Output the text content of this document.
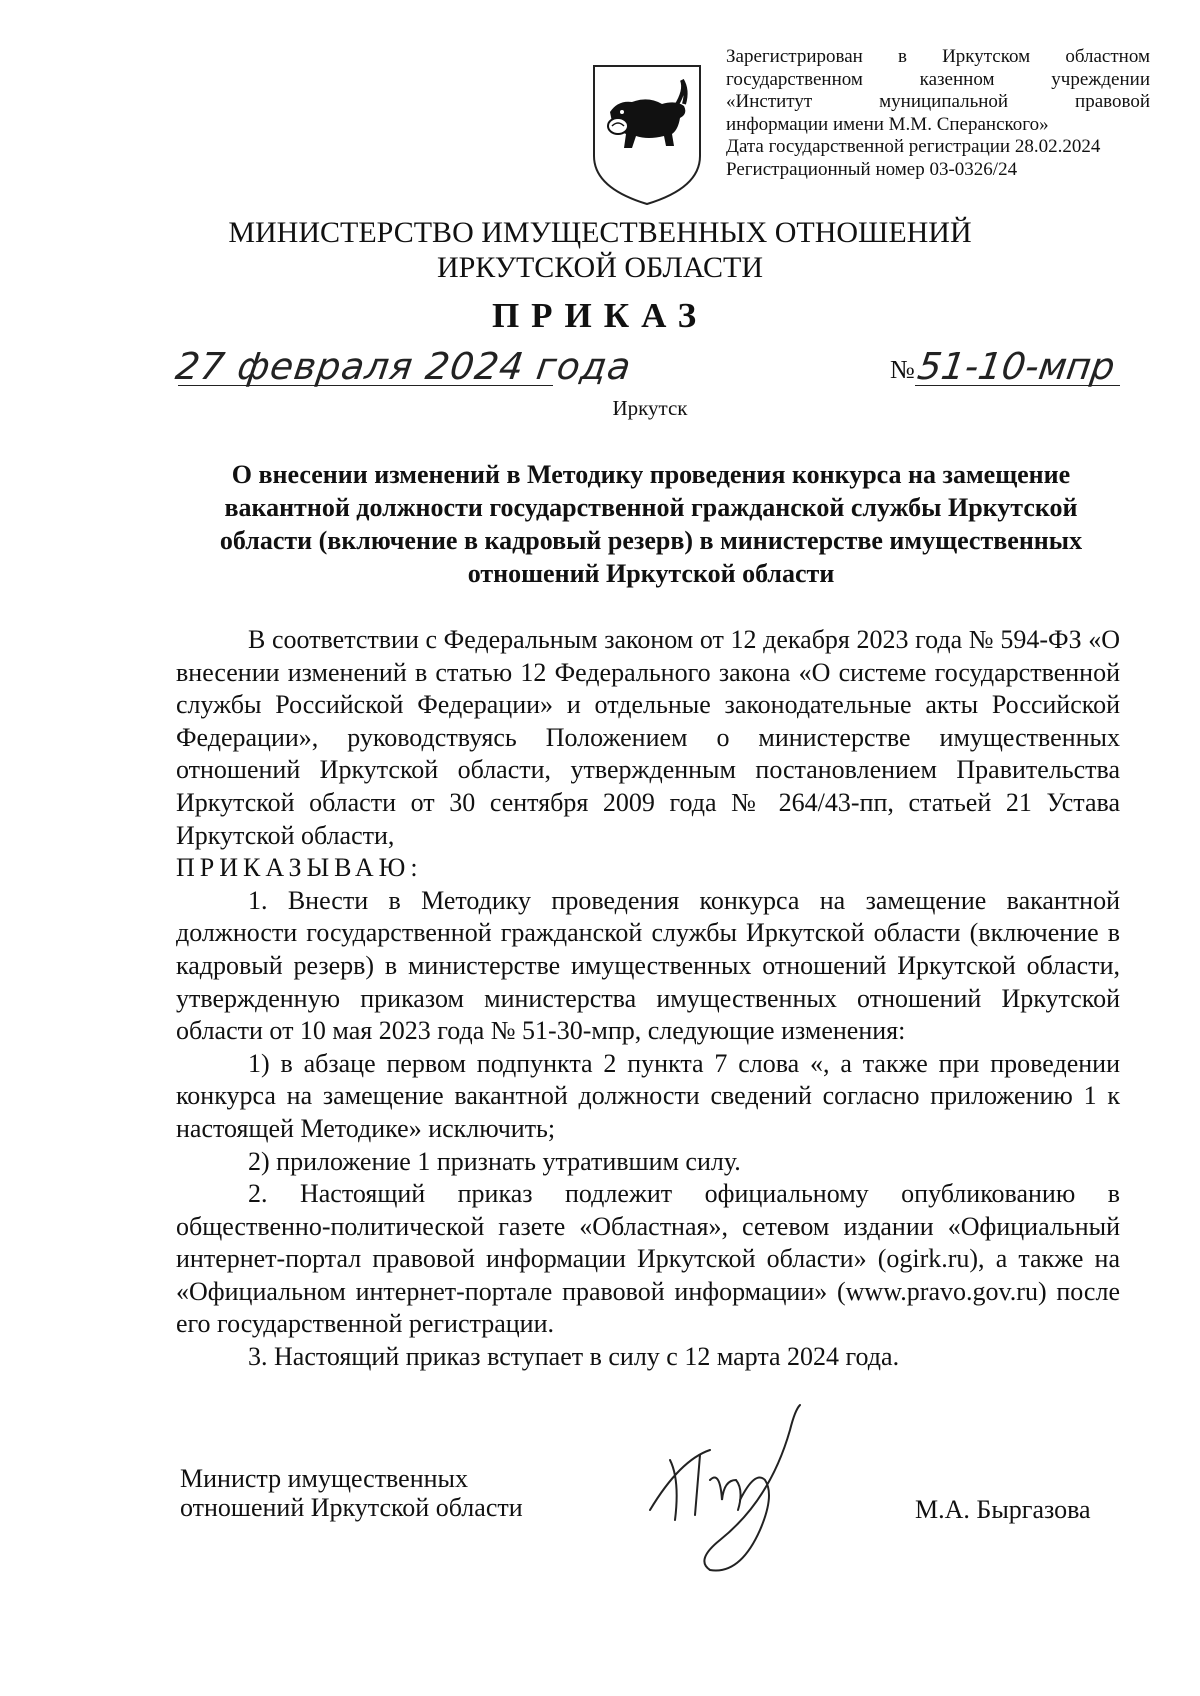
Зарегистрирован в Иркутском областном
государственном казенном учреждении
«Институт муниципальной правовой
информации имени М.М. Сперанского»
Дата государственной регистрации 28.02.2024
Регистрационный номер 03-0326/24
МИНИСТЕРСТВО ИМУЩЕСТВЕННЫХ ОТНОШЕНИЙ
ИРКУТСКОЙ ОБЛАСТИ
ПРИКАЗ
27 февраля 2024 года	№ 51-10-мпр
Иркутск
О внесении изменений в Методику проведения конкурса на замещение вакантной должности государственной гражданской службы Иркутской области (включение в кадровый резерв) в министерстве имущественных отношений Иркутской области

В соответствии с Федеральным законом от 12 декабря 2023 года № 594-ФЗ «О внесении изменений в статью 12 Федерального закона «О системе государственной службы Российской Федерации» и отдельные законодательные акты Российской Федерации», руководствуясь Положением о министерстве имущественных отношений Иркутской области, утвержденным постановлением Правительства Иркутской области от 30 сентября 2009 года № 264/43-пп, статьей 21 Устава Иркутской области,

ПРИКАЗЫВАЮ:

1. Внести в Методику проведения конкурса на замещение вакантной должности государственной гражданской службы Иркутской области (включение в кадровый резерв) в министерстве имущественных отношений Иркутской области, утвержденную приказом министерства имущественных отношений Иркутской области от 10 мая 2023 года № 51-30-мпр, следующие изменения:

1) в абзаце первом подпункта 2 пункта 7 слова «, а также при проведении конкурса на замещение вакантной должности сведений согласно приложению 1 к настоящей Методике» исключить;

2) приложение 1 признать утратившим силу.

2. Настоящий приказ подлежит официальному опубликованию в общественно-политической газете «Областная», сетевом издании «Официальный интернет-портал правовой информации Иркутской области» (ogirk.ru), а также на «Официальном интернет-портале правовой информации» (www.pravo.gov.ru) после его государственной регистрации.

3. Настоящий приказ вступает в силу с 12 марта 2024 года.

Министр имущественных
отношений Иркутской области	М.А. Быргазова
